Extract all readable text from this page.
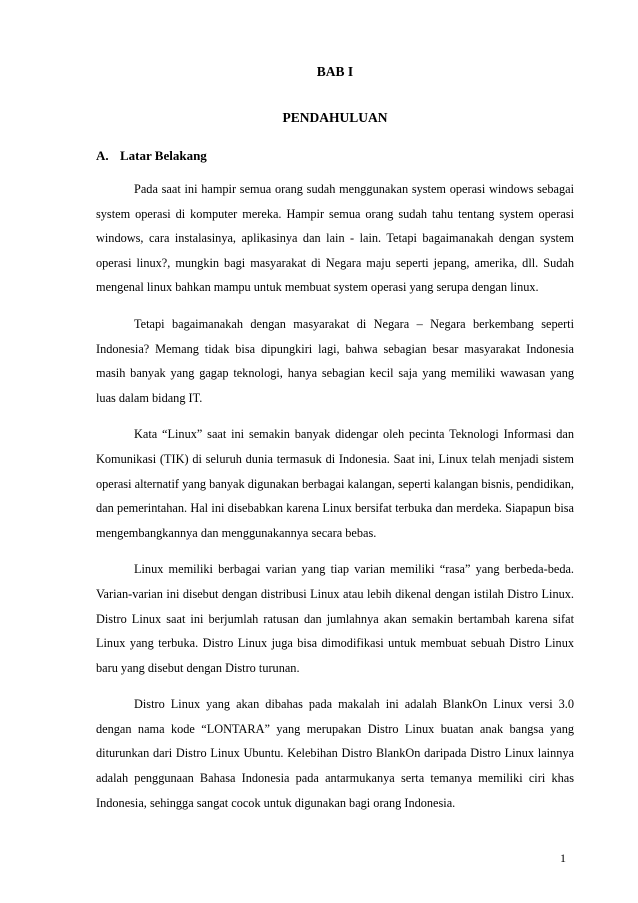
BAB I
PENDAHULUAN
A. Latar Belakang

Pada saat ini hampir semua orang sudah menggunakan system operasi windows sebagai system operasi di komputer mereka. Hampir semua orang sudah tahu tentang system operasi windows, cara instalasinya, aplikasinya dan lain - lain. Tetapi bagaimanakah dengan system operasi linux?, mungkin bagi masyarakat di Negara maju seperti jepang, amerika, dll. Sudah mengenal linux bahkan mampu untuk membuat system operasi yang serupa dengan linux.

Tetapi bagaimanakah dengan masyarakat di Negara – Negara berkembang seperti Indonesia? Memang tidak bisa dipungkiri lagi, bahwa sebagian besar masyarakat Indonesia masih banyak yang gagap teknologi, hanya sebagian kecil saja yang memiliki wawasan yang luas dalam bidang IT.

Kata “Linux” saat ini semakin banyak didengar oleh pecinta Teknologi Informasi dan Komunikasi (TIK) di seluruh dunia termasuk di Indonesia. Saat ini, Linux telah menjadi sistem operasi alternatif yang banyak digunakan berbagai kalangan, seperti kalangan bisnis, pendidikan, dan pemerintahan. Hal ini disebabkan karena Linux bersifat terbuka dan merdeka. Siapapun bisa mengembangkannya dan menggunakannya secara bebas.

Linux memiliki berbagai varian yang tiap varian memiliki “rasa” yang berbeda-beda. Varian-varian ini disebut dengan distribusi Linux atau lebih dikenal dengan istilah Distro Linux. Distro Linux saat ini berjumlah ratusan dan jumlahnya akan semakin bertambah karena sifat Linux yang terbuka. Distro Linux juga bisa dimodifikasi untuk membuat sebuah Distro Linux baru yang disebut dengan Distro turunan.

Distro Linux yang akan dibahas pada makalah ini adalah BlankOn Linux versi 3.0 dengan nama kode “LONTARA” yang merupakan Distro Linux buatan anak bangsa yang diturunkan dari Distro Linux Ubuntu. Kelebihan Distro BlankOn daripada Distro Linux lainnya adalah penggunaan Bahasa Indonesia pada antarmukanya serta temanya memiliki ciri khas Indonesia, sehingga sangat cocok untuk digunakan bagi orang Indonesia.

1
